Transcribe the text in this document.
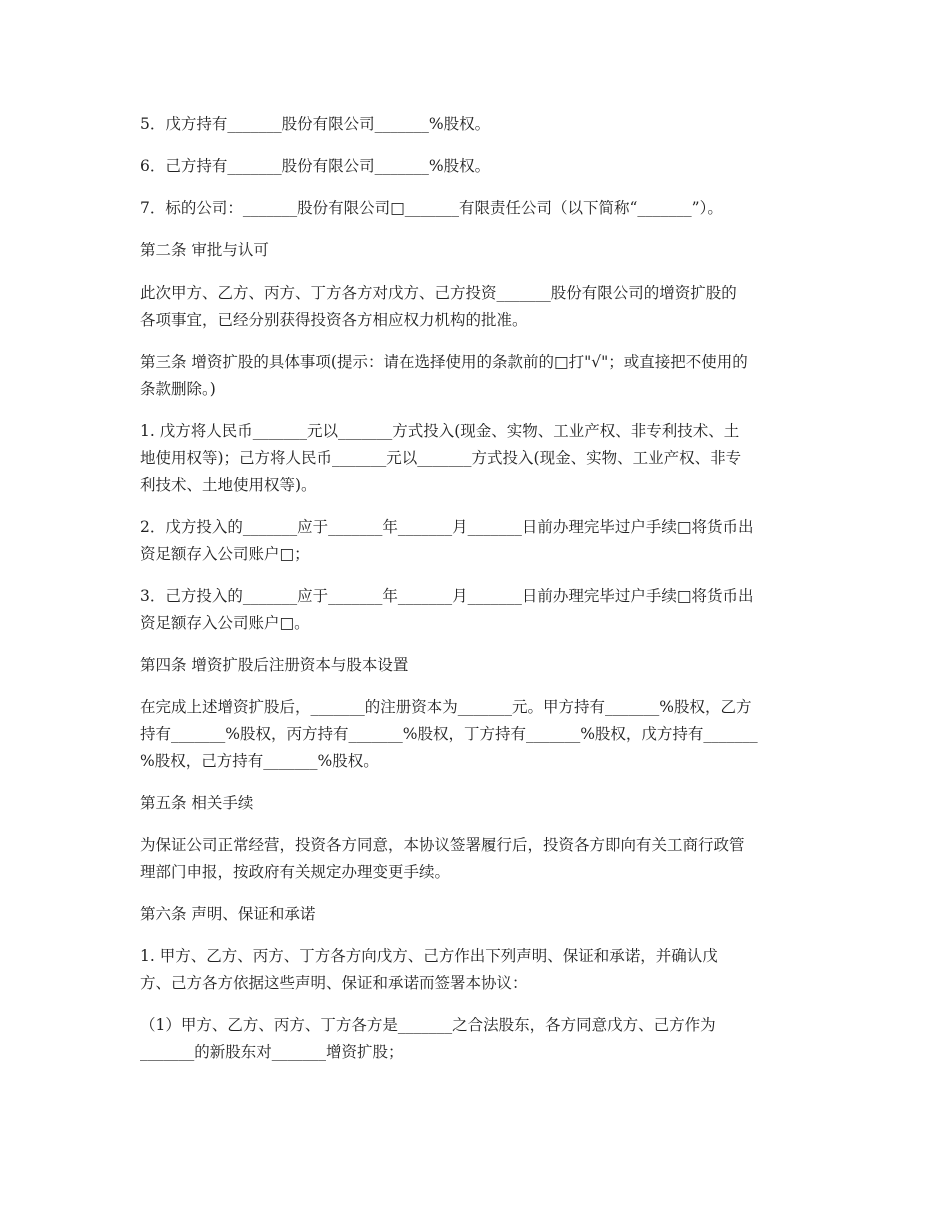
5．戊方持有_______股份有限公司_______%股权。
6．己方持有_______股份有限公司_______%股权。
7．标的公司：_______股份有限公司□_______有限责任公司（以下简称“_______”）。
第二条 审批与认可
此次甲方、乙方、丙方、丁方各方对戊方、己方投资_______股份有限公司的增资扩股的
各项事宜，已经分别获得投资各方相应权力机构的批准。
第三条 增资扩股的具体事项(提示：请在选择使用的条款前的□打"√"；或直接把不使用的
条款删除。)
1. 戊方将人民币_______元以_______方式投入(现金、实物、工业产权、非专利技术、土
地使用权等)；己方将人民币_______元以_______方式投入(现金、实物、工业产权、非专
利技术、土地使用权等)。
2．戊方投入的_______应于_______年_______月_______日前办理完毕过户手续□将货币出
资足额存入公司账户□；
3．己方投入的_______应于_______年_______月_______日前办理完毕过户手续□将货币出
资足额存入公司账户□。
第四条 增资扩股后注册资本与股本设置
在完成上述增资扩股后，_______的注册资本为_______元。甲方持有_______%股权，乙方
持有_______%股权，丙方持有_______%股权，丁方持有_______%股权，戊方持有_______
%股权，己方持有_______%股权。
第五条 相关手续
为保证公司正常经营，投资各方同意，本协议签署履行后，投资各方即向有关工商行政管
理部门申报，按政府有关规定办理变更手续。
第六条 声明、保证和承诺
1. 甲方、乙方、丙方、丁方各方向戊方、己方作出下列声明、保证和承诺，并确认戊
方、己方各方依据这些声明、保证和承诺而签署本协议：
（1）甲方、乙方、丙方、丁方各方是_______之合法股东，各方同意戊方、己方作为
_______的新股东对_______增资扩股；
